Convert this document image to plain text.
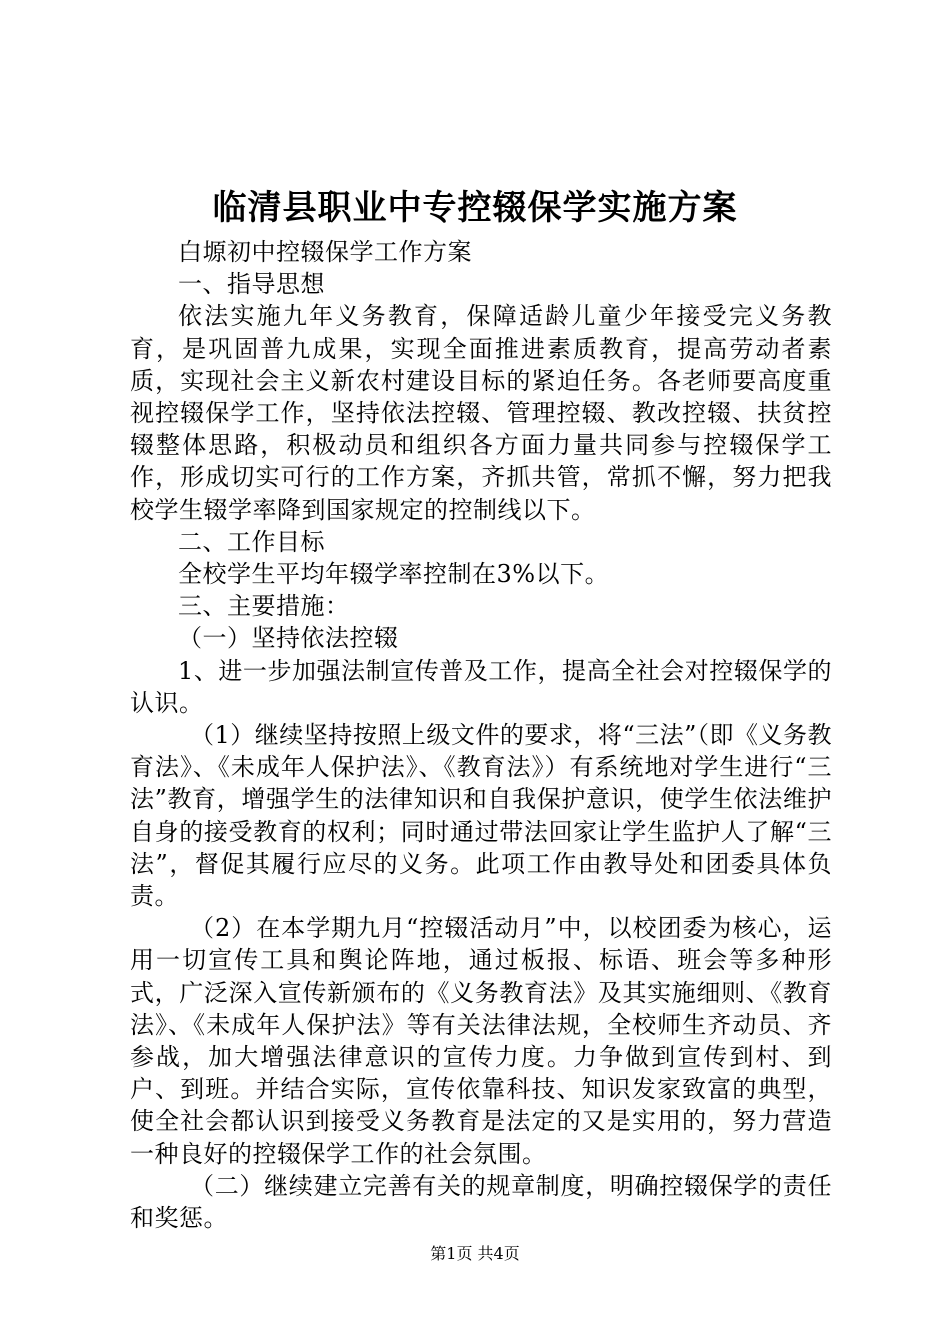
临清县职业中专控辍保学实施方案

白塬初中控辍保学工作方案

一、指导思想

依法实施九年义务教育，保障适龄儿童少年接受完义务教育，是巩固普九成果，实现全面推进素质教育，提高劳动者素质，实现社会主义新农村建设目标的紧迫任务。各老师要高度重视控辍保学工作，坚持依法控辍、管理控辍、教改控辍、扶贫控辍整体思路，积极动员和组织各方面力量共同参与控辍保学工作，形成切实可行的工作方案，齐抓共管，常抓不懈，努力把我校学生辍学率降到国家规定的控制线以下。

二、工作目标

全校学生平均年辍学率控制在3%以下。

三、主要措施：

（一）坚持依法控辍

1、进一步加强法制宣传普及工作，提高全社会对控辍保学的认识。

（1）继续坚持按照上级文件的要求，将“三法”（即《义务教育法》、《未成年人保护法》、《教育法》）有系统地对学生进行“三法”教育，增强学生的法律知识和自我保护意识，使学生依法维护自身的接受教育的权利；同时通过带法回家让学生监护人了解“三法”，督促其履行应尽的义务。此项工作由教导处和团委具体负责。

（2）在本学期九月“控辍活动月”中，以校团委为核心，运用一切宣传工具和舆论阵地，通过板报、标语、班会等多种形式，广泛深入宣传新颁布的《义务教育法》及其实施细则、《教育法》、《未成年人保护法》等有关法律法规，全校师生齐动员、齐参战，加大增强法律意识的宣传力度。力争做到宣传到村、到户、到班。并结合实际，宣传依靠科技、知识发家致富的典型，使全社会都认识到接受义务教育是法定的又是实用的，努力营造一种良好的控辍保学工作的社会氛围。

（二）继续建立完善有关的规章制度，明确控辍保学的责任和奖惩。

第1页 共4页
